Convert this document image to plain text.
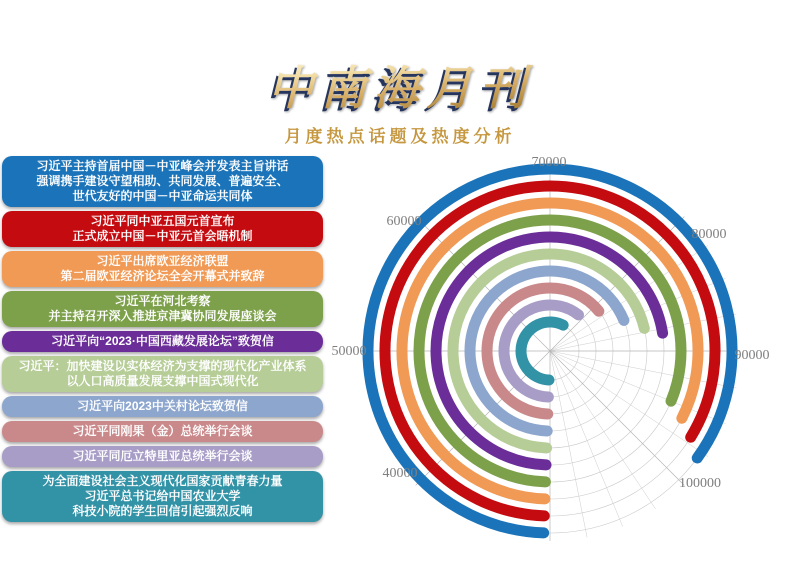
中南海月刊
月度热点话题及热度分析
习近平主持首届中国－中亚峰会并发表主旨讲话
强调携手建设守望相助、共同发展、普遍安全、
世代友好的中国－中亚命运共同体
习近平同中亚五国元首宣布
正式成立中国－中亚元首会晤机制
习近平出席欧亚经济联盟
第二届欧亚经济论坛全会开幕式并致辞
习近平在河北考察
并主持召开深入推进京津冀协同发展座谈会
习近平向“2023·中国西藏发展论坛”致贺信
习近平：加快建设以实体经济为支撑的现代化产业体系
以人口高质量发展支撑中国式现代化
习近平向2023中关村论坛致贺信
习近平同刚果（金）总统举行会谈
习近平同厄立特里亚总统举行会谈
为全面建设社会主义现代化国家贡献青春力量
习近平总书记给中国农业大学
科技小院的学生回信引起强烈反响
40000
50000
60000
70000
80000
90000
100000
